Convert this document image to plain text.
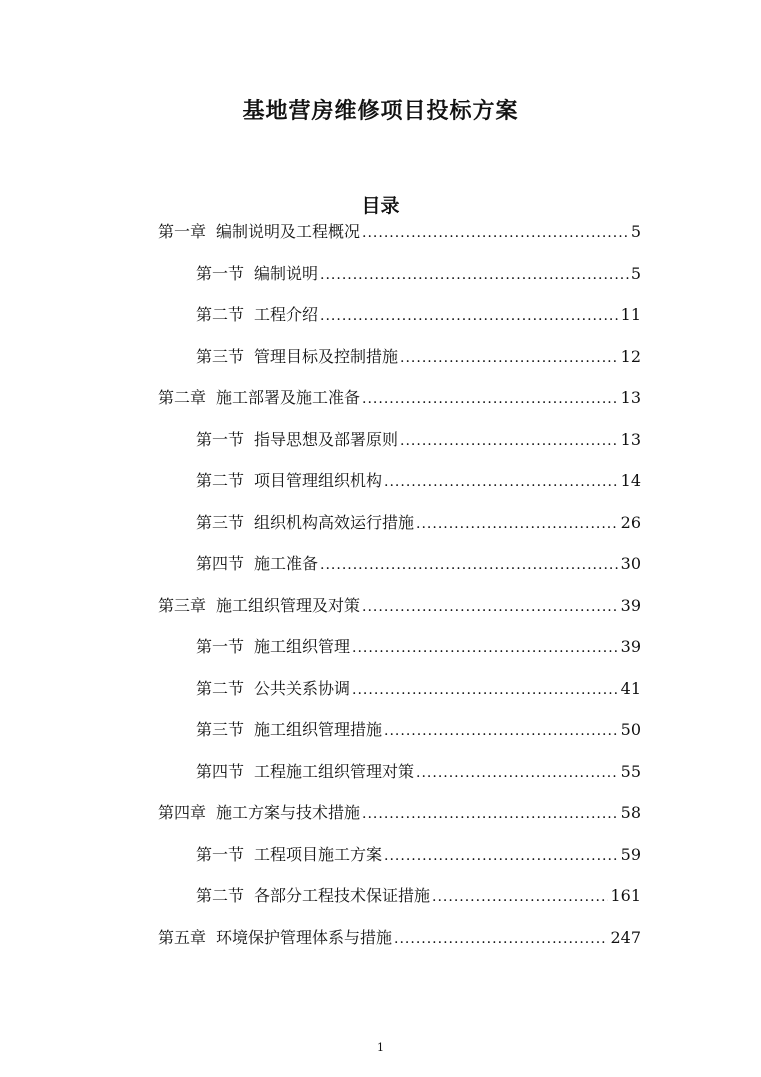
基地营房维修项目投标方案
目录
第一章 编制说明及工程概况 .....	5
第一节 编制说明 .....	5
第二节 工程介绍 .....	11
第三节 管理目标及控制措施 .....	12
第二章 施工部署及施工准备 .....	13
第一节 指导思想及部署原则 .....	13
第二节 项目管理组织机构 .....	14
第三节 组织机构高效运行措施 .....	26
第四节 施工准备 .....	30
第三章 施工组织管理及对策 .....	39
第一节 施工组织管理 .....	39
第二节 公共关系协调 .....	41
第三节 施工组织管理措施 .....	50
第四节 工程施工组织管理对策 .....	55
第四章 施工方案与技术措施 .....	58
第一节 工程项目施工方案 .....	59
第二节 各部分工程技术保证措施 .....	161
第五章 环境保护管理体系与措施 .....	247
1
